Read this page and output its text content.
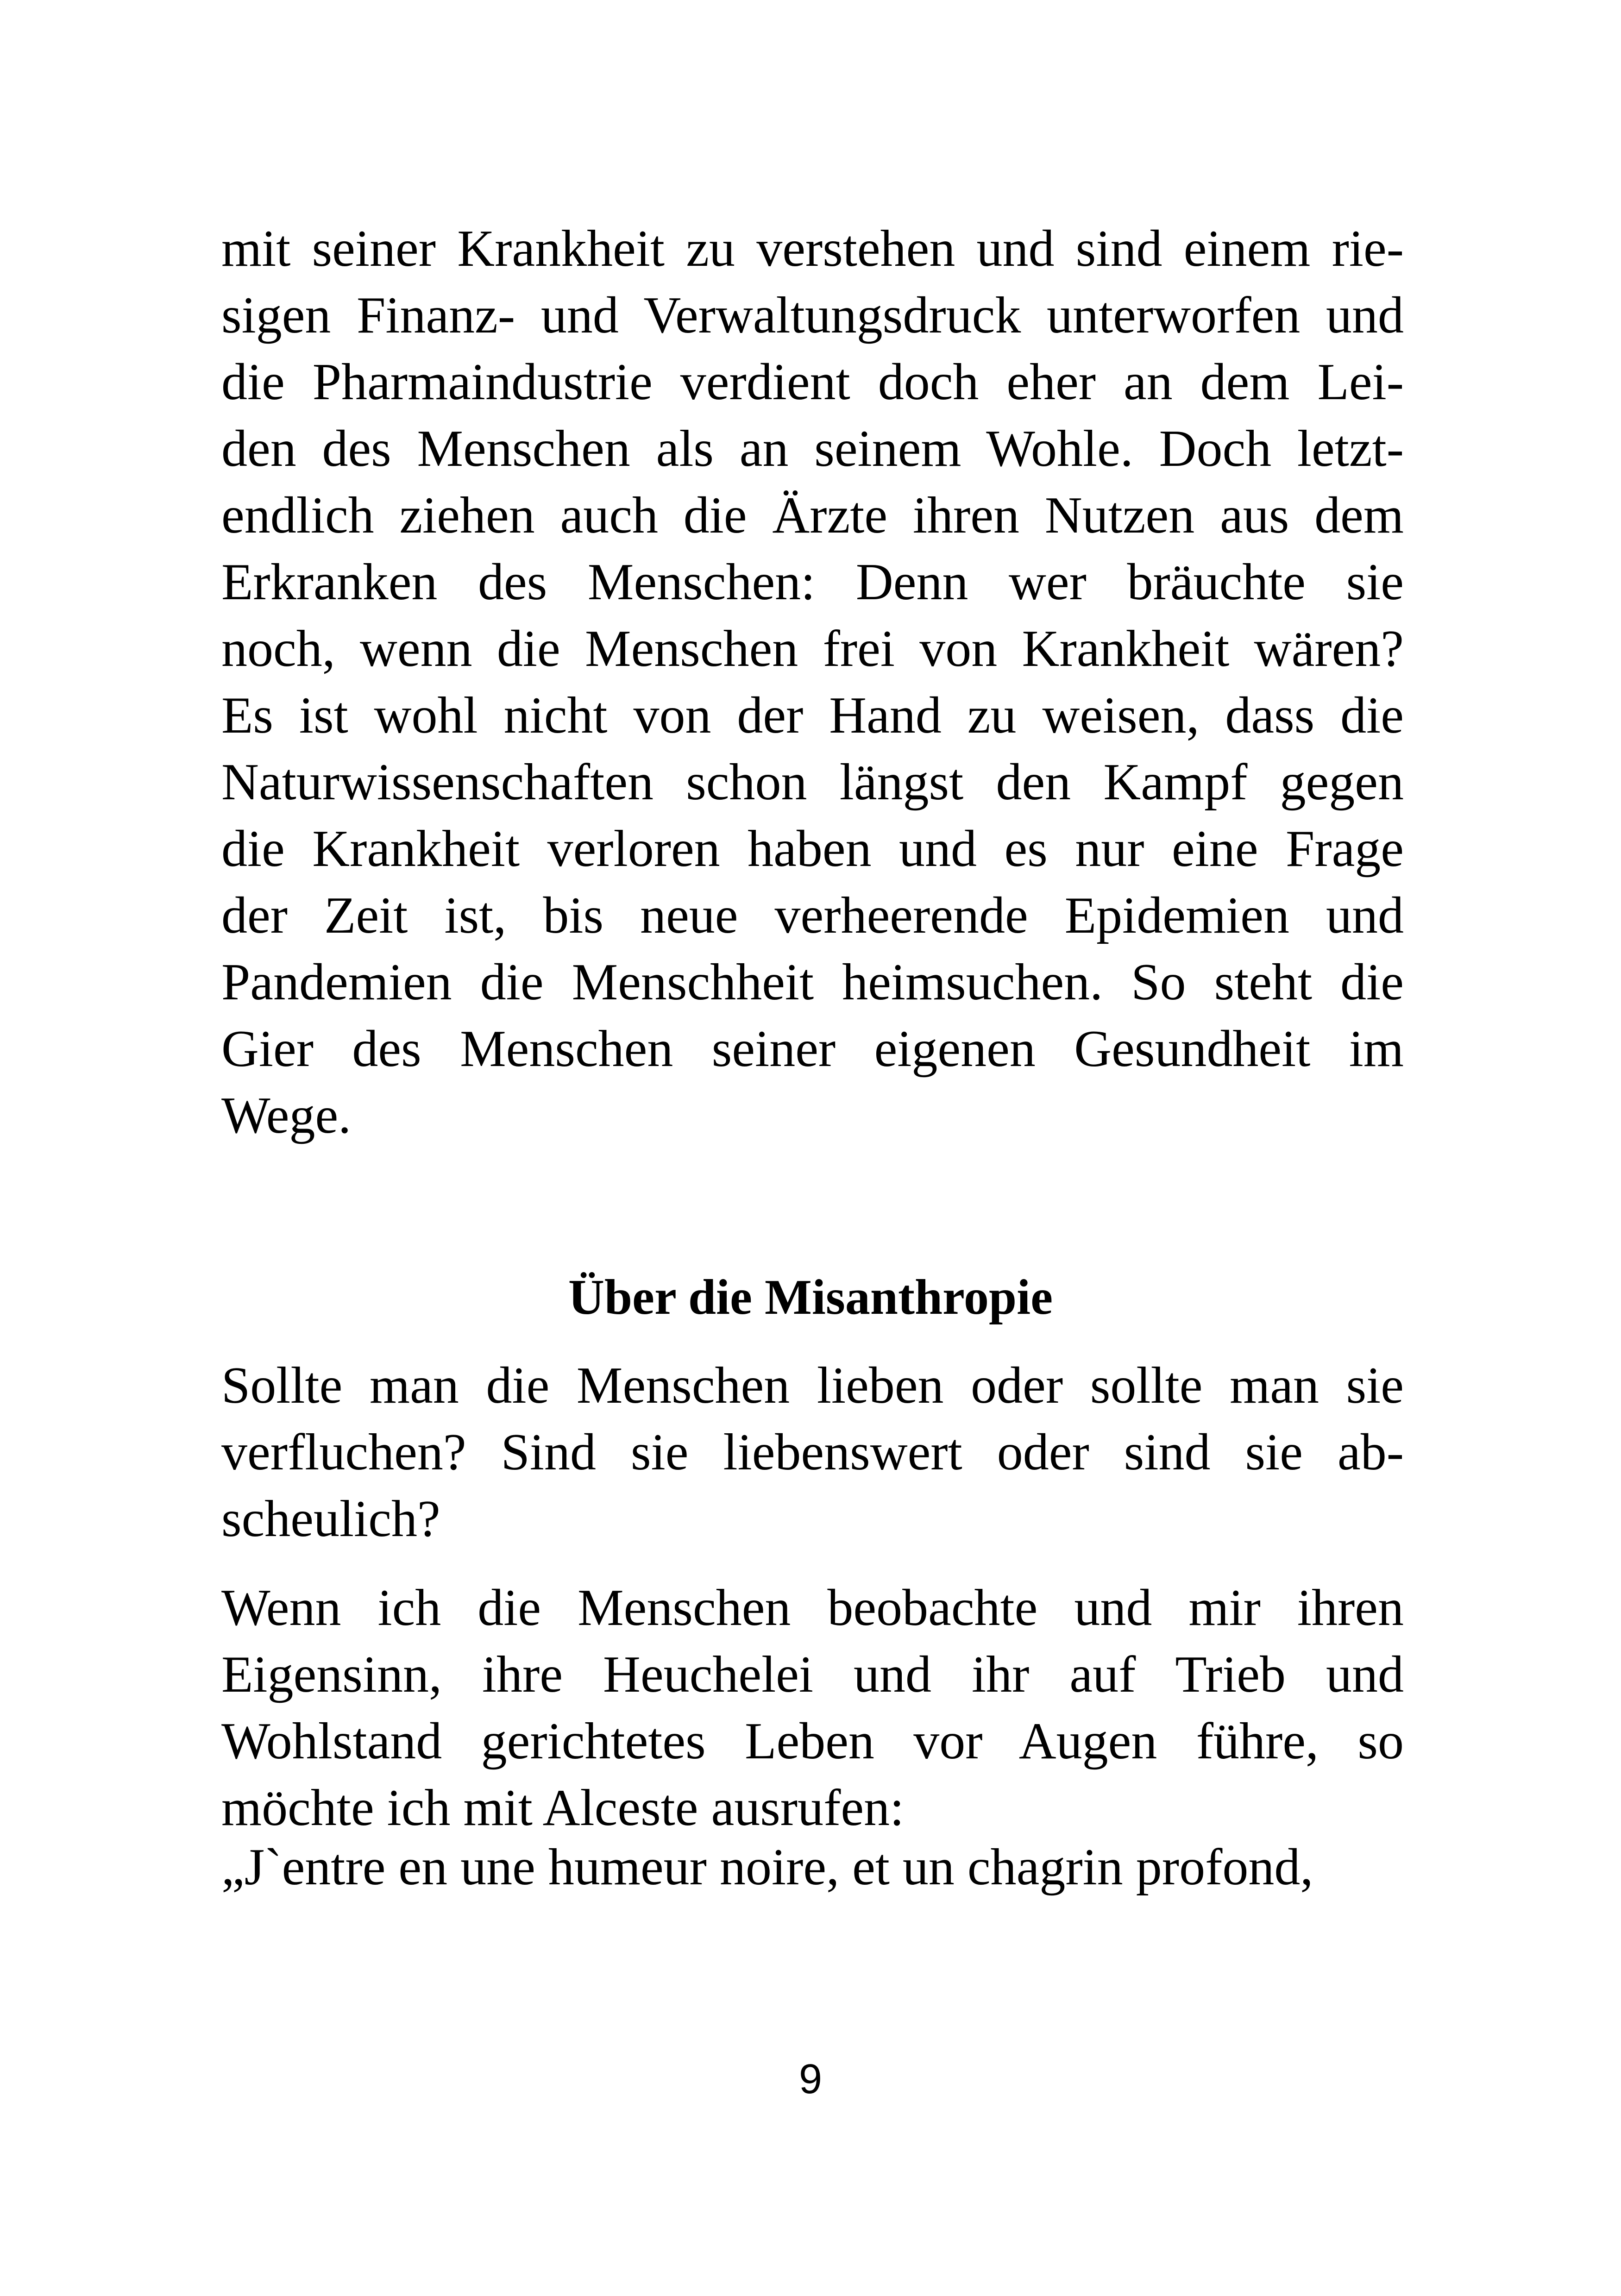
mit seiner Krankheit zu verstehen und sind einem rie-
sigen Finanz- und Verwaltungsdruck unterworfen und
die Pharmaindustrie verdient doch eher an dem Lei-
den des Menschen als an seinem Wohle. Doch letzt-
endlich ziehen auch die Ärzte ihren Nutzen aus dem
Erkranken des Menschen: Denn wer bräuchte sie
noch, wenn die Menschen frei von Krankheit wären?
Es ist wohl nicht von der Hand zu weisen, dass die
Naturwissenschaften schon längst den Kampf gegen
die Krankheit verloren haben und es nur eine Frage
der Zeit ist, bis neue verheerende Epidemien und
Pandemien die Menschheit heimsuchen. So steht die
Gier des Menschen seiner eigenen Gesundheit im
Wege.
Über die Misanthropie
Sollte man die Menschen lieben oder sollte man sie
verfluchen? Sind sie liebenswert oder sind sie ab-
scheulich?
Wenn ich die Menschen beobachte und mir ihren
Eigensinn, ihre Heuchelei und ihr auf Trieb und
Wohlstand gerichtetes Leben vor Augen führe, so
möchte ich mit Alceste ausrufen:
„J`entre en une humeur noire, et un chagrin profond,
9
